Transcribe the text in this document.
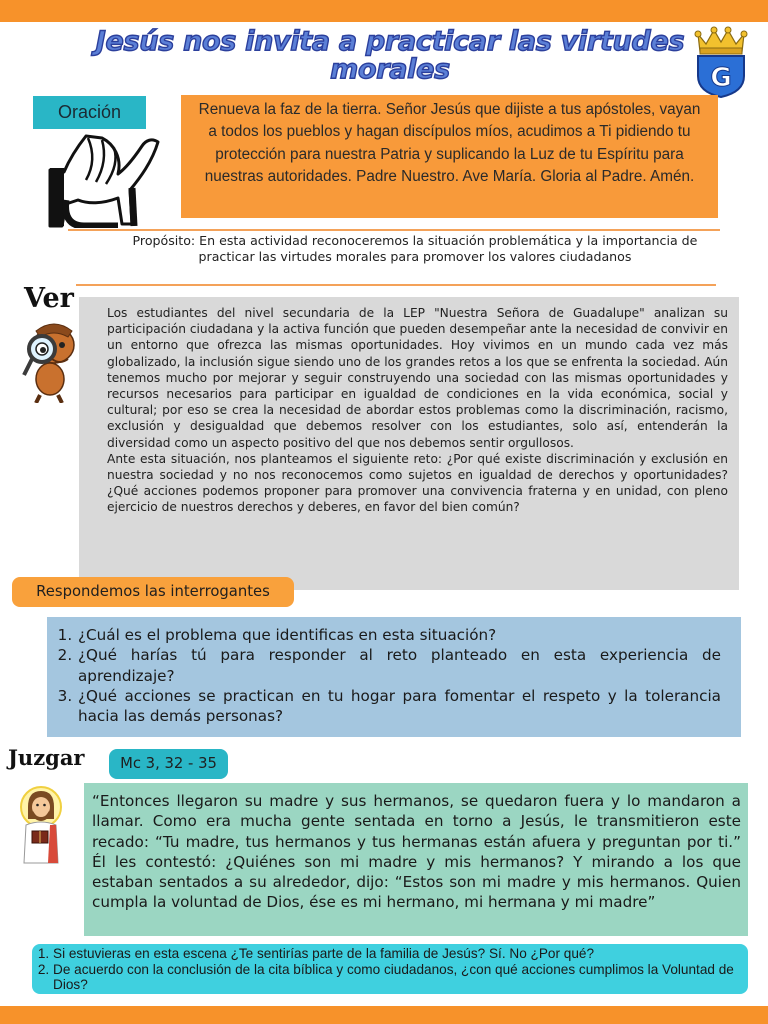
Jesús nos invita a practicar las virtudes morales	G
Oración	Renueva la faz de la tierra. Señor Jesús que dijiste a tus apóstoles, vayan a todos los pueblos y hagan discípulos míos, acudimos a Ti pidiendo tu protección para nuestra Patria y suplicando la Luz de tu Espíritu para nuestras autoridades. Padre Nuestro. Ave María. Gloria al Padre. Amén.
Propósito: En esta actividad reconoceremos la situación problemática y la importancia de practicar las virtudes morales para promover los valores ciudadanos
Ver	Los estudiantes del nivel secundaria de la LEP "Nuestra Señora de Guadalupe" analizan su participación ciudadana y la activa función que pueden desempeñar ante la necesidad de convivir en un entorno que ofrezca las mismas oportunidades. Hoy vivimos en un mundo cada vez más globalizado, la inclusión sigue siendo uno de los grandes retos a los que se enfrenta la sociedad. Aún tenemos mucho por mejorar y seguir construyendo una sociedad con las mismas oportunidades y recursos necesarios para participar en igualdad de condiciones en la vida económica, social y cultural; por eso se crea la necesidad de abordar estos problemas como la discriminación, racismo, exclusión y desigualdad que debemos resolver con los estudiantes, solo así, entenderán la diversidad como un aspecto positivo del que nos debemos sentir orgullosos.

Ante esta situación, nos planteamos el siguiente reto: ¿Por qué existe discriminación y exclusión en nuestra sociedad y no nos reconocemos como sujetos en igualdad de derechos y oportunidades? ¿Qué acciones podemos proponer para promover una convivencia fraterna y en unidad, con pleno ejercicio de nuestros derechos y deberes, en favor del bien común?

Respondemos las interrogantes
1. ¿Cuál es el problema que identificas en esta situación?
2. ¿Qué harías tú para responder al reto planteado en esta experiencia de aprendizaje?
3. ¿Qué acciones se practican en tu hogar para fomentar el respeto y la tolerancia hacia las demás personas?
Juzgar	Mc 3, 32 - 35
“Entonces llegaron su madre y sus hermanos, se quedaron fuera y lo mandaron a llamar. Como era mucha gente sentada en torno a Jesús, le transmitieron este recado: “Tu madre, tus hermanos y tus hermanas están afuera y preguntan por ti.” Él les contestó: ¿Quiénes son mi madre y mis hermanos? Y mirando a los que estaban sentados a su alrededor, dijo: “Estos son mi madre y mis hermanos. Quien cumpla la voluntad de Dios, ése es mi hermano, mi hermana y mi madre”
1. Si estuvieras en esta escena ¿Te sentirías parte de la familia de Jesús? Sí. No ¿Por qué?
2. De acuerdo con la conclusión de la cita bíblica y como ciudadanos, ¿con qué acciones cumplimos la Voluntad de Dios?
